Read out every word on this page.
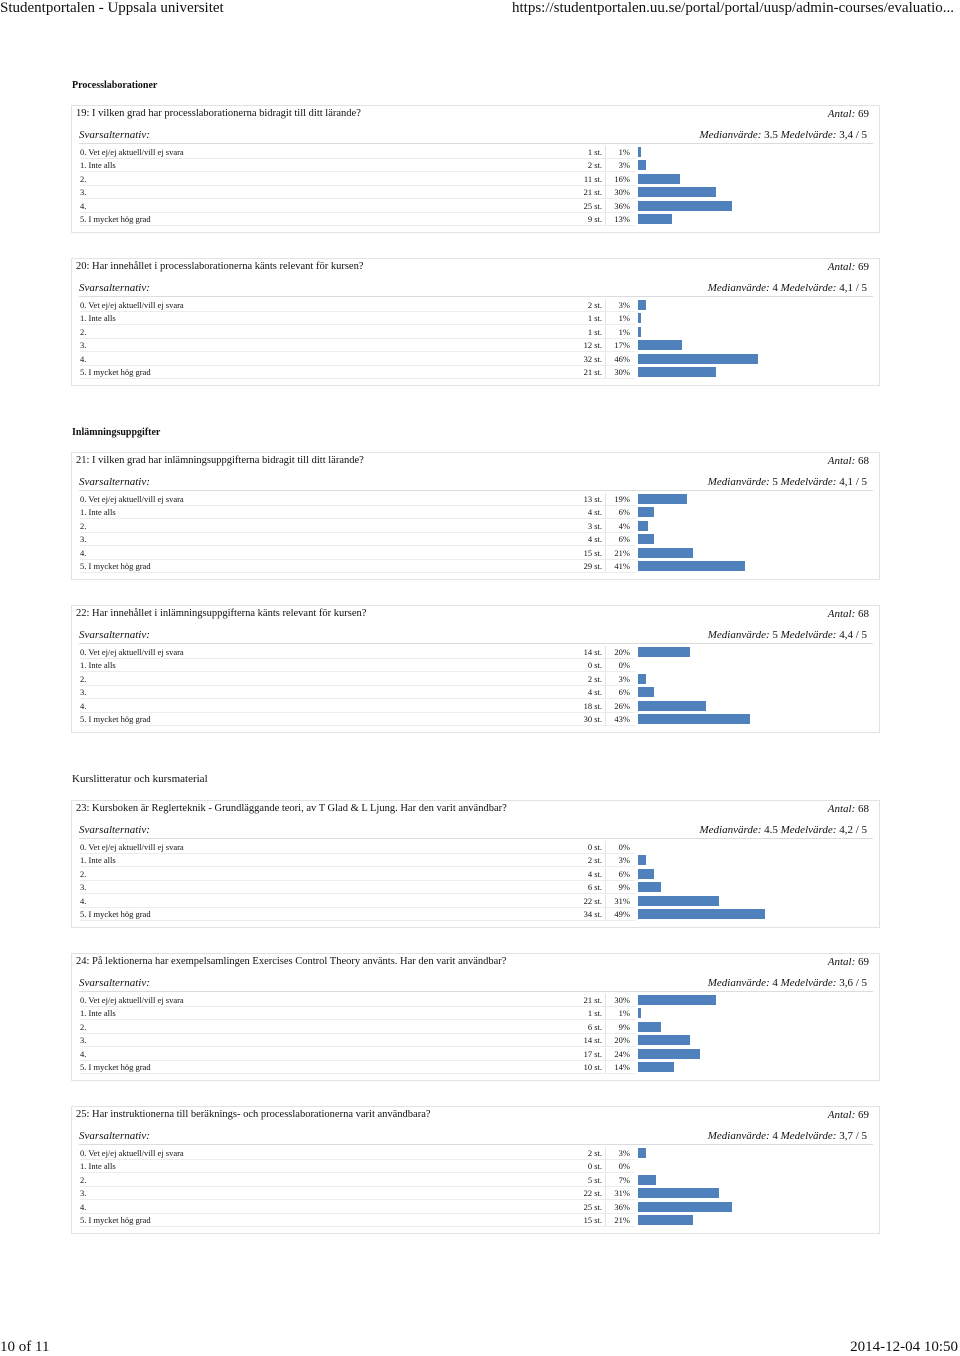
Studentportalen - Uppsala universitet	https://studentportalen.uu.se/portal/portal/uusp/admin-courses/evaluatio...
Processlaborationer
Inlämningsuppgifter
Kurslitteratur och kursmaterial
19: I vilken grad har processlaborationerna bidragit till ditt lärande?	Antal: 69
Svarsalternativ:	Medianvärde: 3.5 Medelvärde: 3,4 / 5
0. Vet ej/ej aktuell/vill ej svara	1 st.	1%
1. Inte alls	2 st.	3%
2.	11 st.	16%
3.	21 st.	30%
4.	25 st.	36%
5. I mycket hög grad	9 st.	13%
20: Har innehållet i processlaborationerna känts relevant för kursen?	Antal: 69
Svarsalternativ:	Medianvärde: 4 Medelvärde: 4,1 / 5
0. Vet ej/ej aktuell/vill ej svara	2 st.	3%
1. Inte alls	1 st.	1%
2.	1 st.	1%
3.	12 st.	17%
4.	32 st.	46%
5. I mycket hög grad	21 st.	30%
21: I vilken grad har inlämningsuppgifterna bidragit till ditt lärande?	Antal: 68
Svarsalternativ:	Medianvärde: 5 Medelvärde: 4,1 / 5
0. Vet ej/ej aktuell/vill ej svara	13 st.	19%
1. Inte alls	4 st.	6%
2.	3 st.	4%
3.	4 st.	6%
4.	15 st.	21%
5. I mycket hög grad	29 st.	41%
22: Har innehållet i inlämningsuppgifterna känts relevant för kursen?	Antal: 68
Svarsalternativ:	Medianvärde: 5 Medelvärde: 4,4 / 5
0. Vet ej/ej aktuell/vill ej svara	14 st.	20%
1. Inte alls	0 st.	0%
2.	2 st.	3%
3.	4 st.	6%
4.	18 st.	26%
5. I mycket hög grad	30 st.	43%
23: Kursboken är Reglerteknik - Grundläggande teori, av T Glad & L Ljung. Har den varit användbar?	Antal: 68
Svarsalternativ:	Medianvärde: 4.5 Medelvärde: 4,2 / 5
0. Vet ej/ej aktuell/vill ej svara	0 st.	0%
1. Inte alls	2 st.	3%
2.	4 st.	6%
3.	6 st.	9%
4.	22 st.	31%
5. I mycket hög grad	34 st.	49%
24: På lektionerna har exempelsamlingen Exercises Control Theory använts. Har den varit användbar?	Antal: 69
Svarsalternativ:	Medianvärde: 4 Medelvärde: 3,6 / 5
0. Vet ej/ej aktuell/vill ej svara	21 st.	30%
1. Inte alls	1 st.	1%
2.	6 st.	9%
3.	14 st.	20%
4.	17 st.	24%
5. I mycket hög grad	10 st.	14%
25: Har instruktionerna till beräknings- och processlaborationerna varit användbara?	Antal: 69
Svarsalternativ:	Medianvärde: 4 Medelvärde: 3,7 / 5
0. Vet ej/ej aktuell/vill ej svara	2 st.	3%
1. Inte alls	0 st.	0%
2.	5 st.	7%
3.	22 st.	31%
4.	25 st.	36%
5. I mycket hög grad	15 st.	21%
10 of 11	2014-12-04 10:50
